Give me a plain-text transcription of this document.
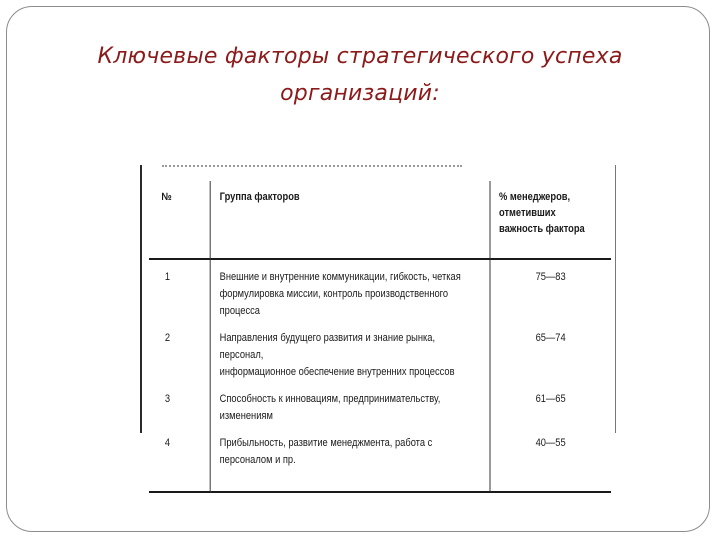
Ключевые факторы стратегического успеха
организаций:
№	Группа факторов	% менеджеров,
отметивших
важность фактора

1	Внешние и внутренние коммуникации, гибкость, четкая
формулировка миссии, контроль производственного процесса	75—83
2	Направления будущего развития и знание рынка, персонал,
информационное обеспечение внутренних процессов	65—74
3	Способность к инновациям, предпринимательству, изменениям	61—65
4	Прибыльность, развитие менеджмента, работа с персоналом и пр.	40—55
